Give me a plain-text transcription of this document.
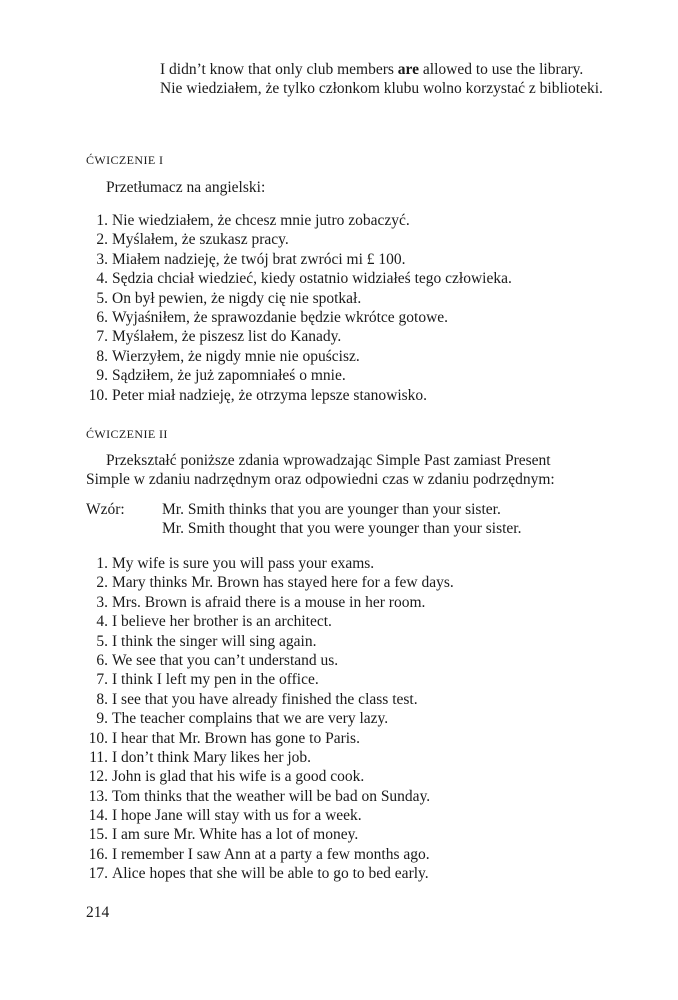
I didn’t know that only club members are allowed to use the library.

Nie wiedziałem, że tylko członkom klubu wolno korzystać z biblioteki.

ĆWICZENIE I

Przetłumacz na angielski:

1. Nie wiedziałem, że chcesz mnie jutro zobaczyć.
2. Myślałem, że szukasz pracy.
3. Miałem nadzieję, że twój brat zwróci mi £ 100.
4. Sędzia chciał wiedzieć, kiedy ostatnio widziałeś tego człowieka.
5. On był pewien, że nigdy cię nie spotkał.
6. Wyjaśniłem, że sprawozdanie będzie wkrótce gotowe.
7. Myślałem, że piszesz list do Kanady.
8. Wierzyłem, że nigdy mnie nie opuścisz.
9. Sądziłem, że już zapomniałeś o mnie.
10. Peter miał nadzieję, że otrzyma lepsze stanowisko.
ĆWICZENIE II

Przekształć poniższe zdania wprowadzając Simple Past zamiast Present

Simple w zdaniu nadrzędnym oraz odpowiedni czas w zdaniu podrzędnym:

Wzór: Mr. Smith thinks that you are younger than your sister.
Mr. Smith thought that you were younger than your sister.
1. My wife is sure you will pass your exams.
2. Mary thinks Mr. Brown has stayed here for a few days.
3. Mrs. Brown is afraid there is a mouse in her room.
4. I believe her brother is an architect.
5. I think the singer will sing again.
6. We see that you can’t understand us.
7. I think I left my pen in the office.
8. I see that you have already finished the class test.
9. The teacher complains that we are very lazy.
10. I hear that Mr. Brown has gone to Paris.
11. I don’t think Mary likes her job.
12. John is glad that his wife is a good cook.
13. Tom thinks that the weather will be bad on Sunday.
14. I hope Jane will stay with us for a week.
15. I am sure Mr. White has a lot of money.
16. I remember I saw Ann at a party a few months ago.
17. Alice hopes that she will be able to go to bed early.
214
